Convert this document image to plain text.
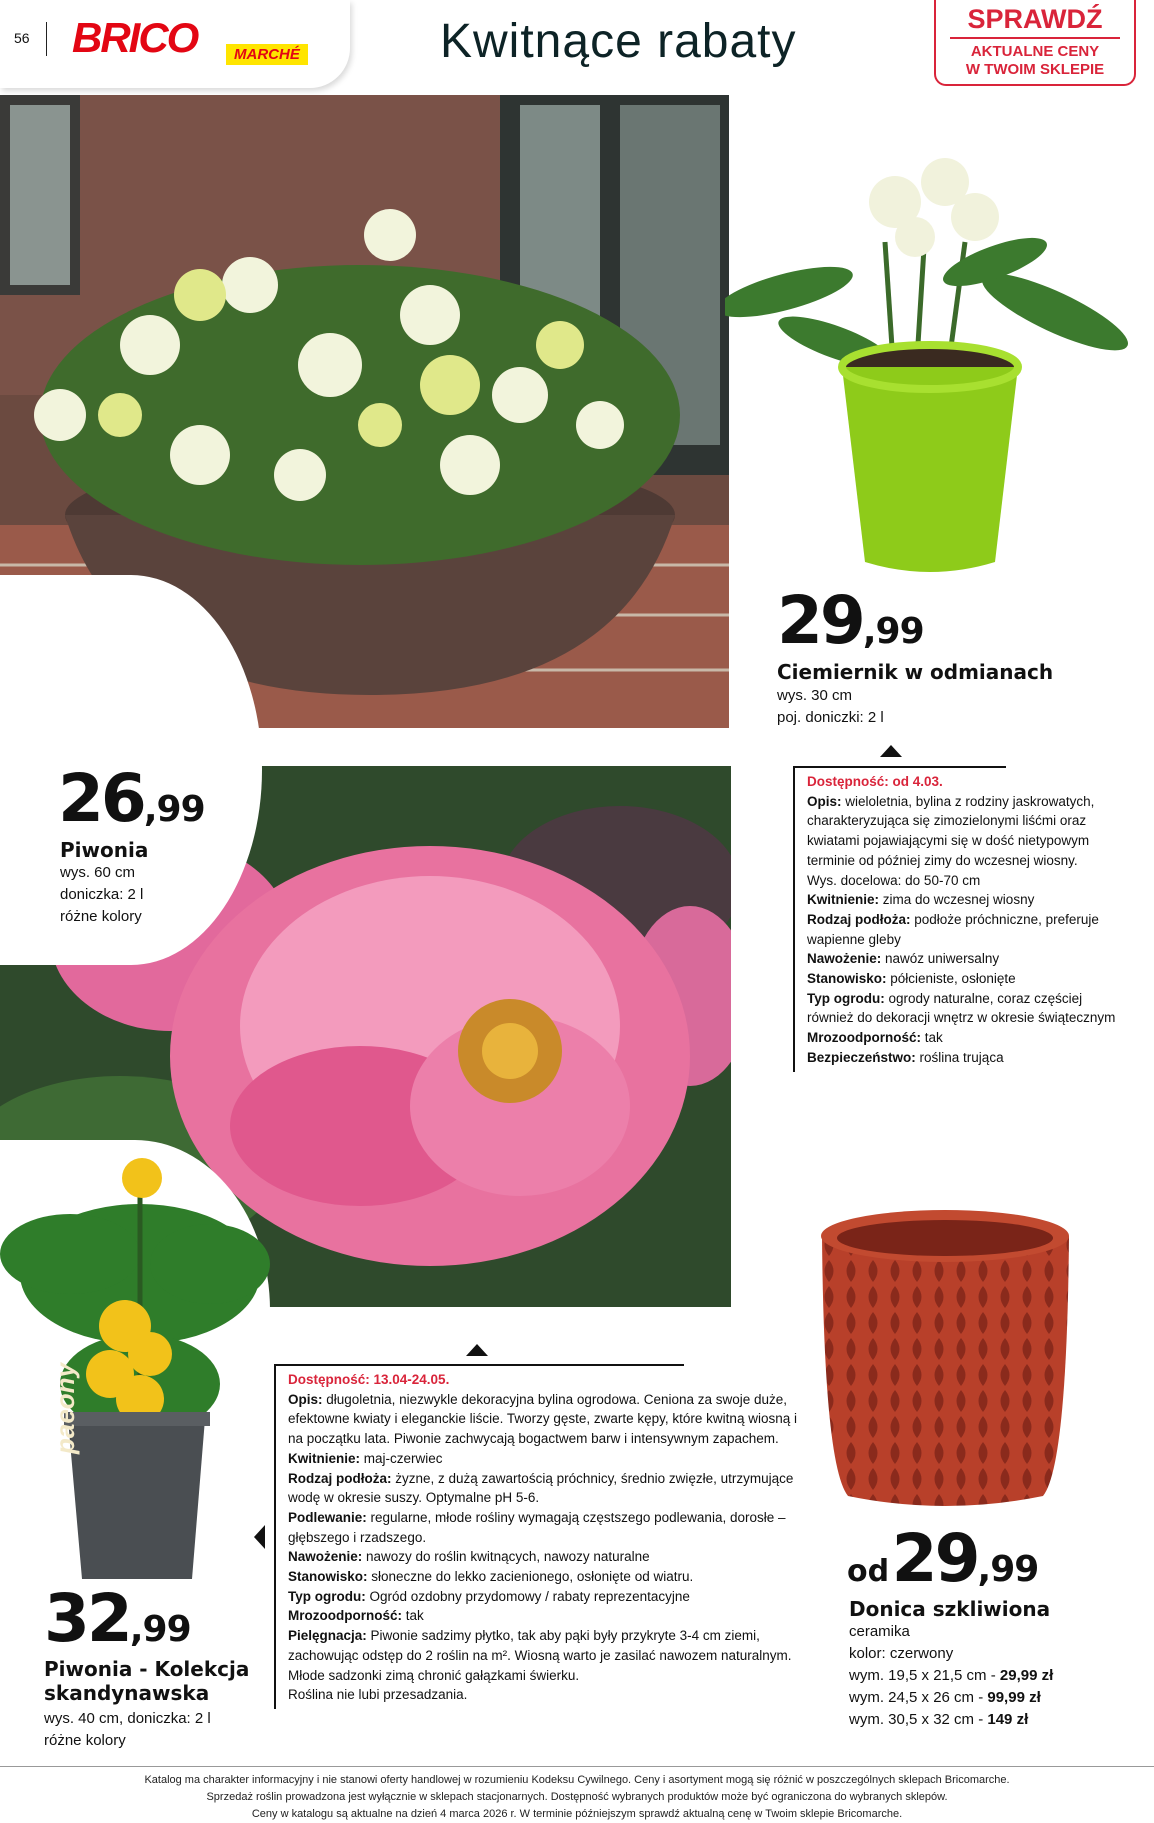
56 BRICO	MARCHÉ	Kwitnące rabaty	SPRAWDŹ
AKTUALNE CENY
W TWOIM SKLEPIE
29,99
Ciemiernik w odmianach
wys. 30 cm
poj. doniczki: 2 l
Dostępność: od 4.03.
Opis: wieloletnia, bylina z rodziny jaskrowatych, charakteryzująca się zimozielonymi liśćmi oraz kwiatami pojawiającymi się w dość nietypowym terminie od później zimy do wczesnej wiosny.
Wys. docelowa: do 50-70 cm
Kwitnienie: zima do wczesnej wiosny
Rodzaj podłoża: podłoże próchniczne, preferuje wapienne gleby
Nawożenie: nawóz uniwersalny
Stanowisko: półcieniste, osłonięte
Typ ogrodu: ogrody naturalne, coraz częściej również do dekoracji wnętrz w okresie świątecznym
Mrozoodporność: tak
Bezpieczeństwo: roślina trująca
26,99
Piwonia
wys. 60 cm
doniczka: 2 l
różne kolory
paeony
32,99
Piwonia - Kolekcja skandynawska
wys. 40 cm, doniczka: 2 l
różne kolory
Dostępność: 13.04-24.05.
Opis: długoletnia, niezwykle dekoracyjna bylina ogrodowa. Ceniona za swoje duże, efektowne kwiaty i eleganckie liście. Tworzy gęste, zwarte kępy, które kwitną wiosną i na początku lata. Piwonie zachwycają bogactwem barw i intensywnym zapachem.
Kwitnienie: maj-czerwiec
Rodzaj podłoża: żyzne, z dużą zawartością próchnicy, średnio zwięzłe, utrzymujące wodę w okresie suszy. Optymalne pH 5-6.
Podlewanie: regularne, młode rośliny wymagają częstszego podlewania, dorosłe – głębszego i rzadszego.
Nawożenie: nawozy do roślin kwitnących, nawozy naturalne
Stanowisko: słoneczne do lekko zacienionego, osłonięte od wiatru.
Typ ogrodu: Ogród ozdobny przydomowy / rabaty reprezentacyjne
Mrozoodporność: tak
Pielęgnacja: Piwonie sadzimy płytko, tak aby pąki były przykryte 3-4 cm ziemi, zachowując odstęp do 2 roślin na m². Wiosną warto je zasilać nawozem naturalnym. Młode sadzonki zimą chronić gałązkami świerku.
Roślina nie lubi przesadzania.
od 29,99
Donica szkliwiona
ceramika
kolor: czerwony
wym. 19,5 x 21,5 cm - 29,99 zł
wym. 24,5 x 26 cm - 99,99 zł
wym. 30,5 x 32 cm - 149 zł
Katalog ma charakter informacyjny i nie stanowi oferty handlowej w rozumieniu Kodeksu Cywilnego. Ceny i asortyment mogą się różnić w poszczególnych sklepach Bricomarche.
Sprzedaż roślin prowadzona jest wyłącznie w sklepach stacjonarnych. Dostępność wybranych produktów może być ograniczona do wybranych sklepów.
Ceny w katalogu są aktualne na dzień 4 marca 2026 r. W terminie późniejszym sprawdź aktualną cenę w Twoim sklepie Bricomarche.
